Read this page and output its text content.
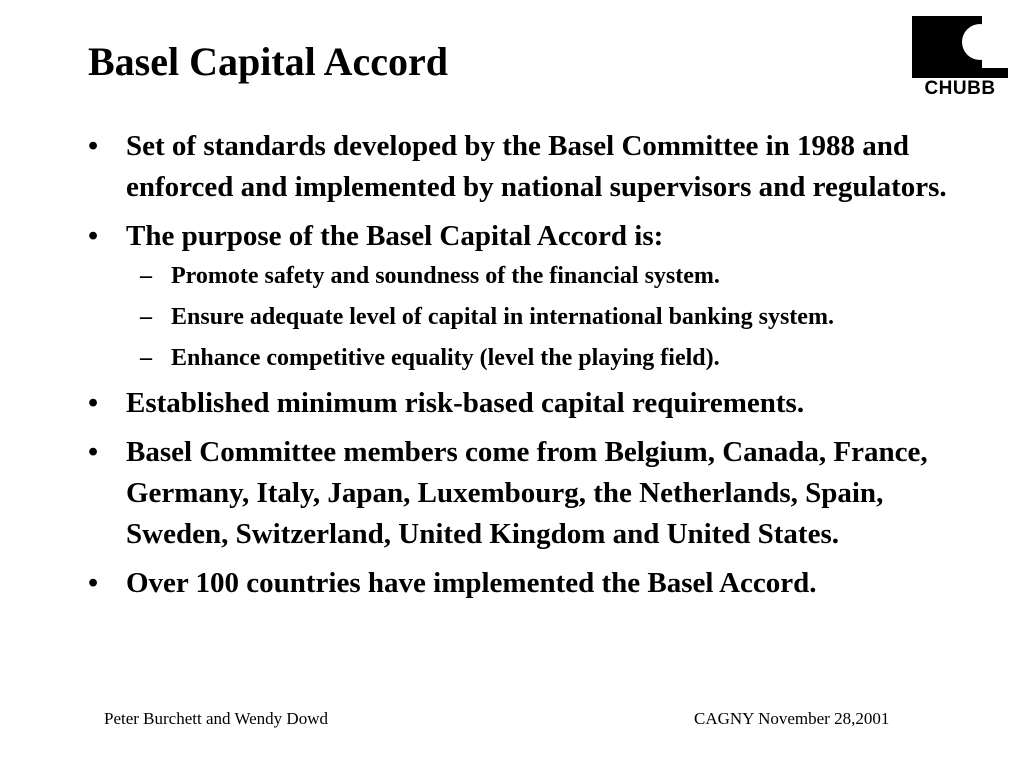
Basel Capital Accord
CHUBB
• Set of standards developed by the Basel Committee in 1988 and enforced and implemented by national supervisors and regulators.
• The purpose of the Basel Capital Accord is:
– Promote safety and soundness of the financial system.
– Ensure adequate level of capital in international banking system.
– Enhance competitive equality (level the playing field).
• Established minimum risk-based capital requirements.
• Basel Committee members come from Belgium, Canada, France, Germany, Italy, Japan, Luxembourg, the Netherlands, Spain, Sweden, Switzerland, United Kingdom and United States.
• Over 100 countries have implemented the Basel Accord.
Peter Burchett and Wendy Dowd	CAGNY November 28,2001
